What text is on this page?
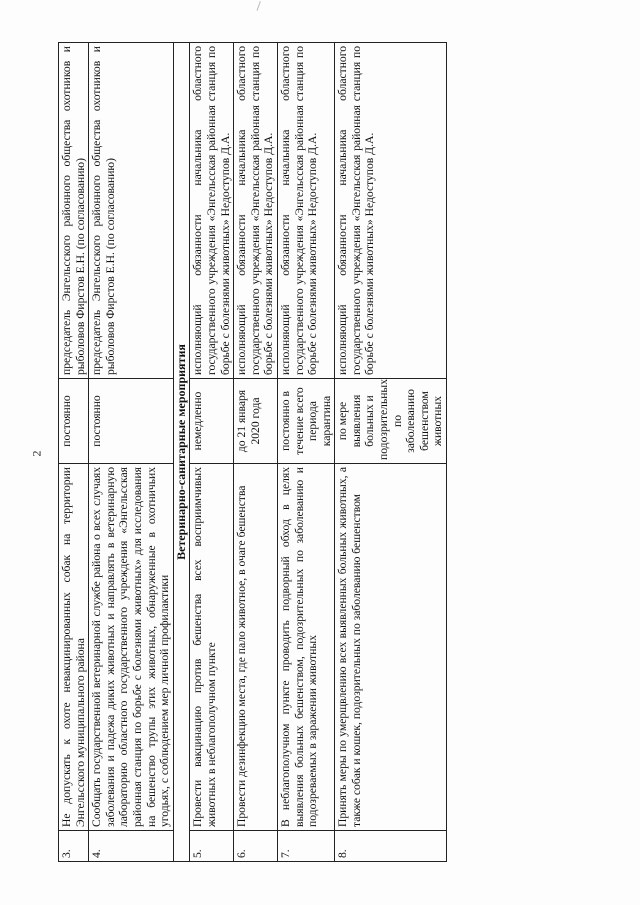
2
3.	Не допускать к охоте невакцинированных собак на территории Энгельсского муниципального района	постоянно	председатель Энгельсского районного общества охотников и рыболовов Фирстов Е.Н. (по согласованию)
4.	Сообщать государственной ветеринарной службе района о всех случаях заболевания и падежа диких животных и направлять в ветеринарную лабораторию областного государственного учреждения «Энгельсская районная станция по борьбе с болезнями животных» для исследования на бешенство трупы этих животных, обнаруженные в охотничьих угодьях, с соблюдением мер личной профилактики	постоянно	председатель Энгельсского районного общества охотников и рыболовов Фирстов Е.Н. (по согласованию)
Ветеринарно-санитарные мероприятия			
5.	Провести вакцинацию против бешенства всех восприимчивых животных в неблагополучном пункте	немедленно	исполняющий обязанности начальника областного государственного учреждения «Энгельсская районная станция по борьбе с болезнями животных» Недоступов Д.А.
6.	Провести дезинфекцию места, где пало животное, в очаге бешенства	до 21 января 2020 года	исполняющий обязанности начальника областного государственного учреждения «Энгельсская районная станция по борьбе с болезнями животных» Недоступов Д.А.
7.	В неблагополучном пункте проводить подворный обход в целях выявления больных бешенством, подозрительных по заболеванию и подозреваемых в заражении животных	постоянно в течение всего периода карантина	исполняющий обязанности начальника областного государственного учреждения «Энгельсская районная станция по борьбе с болезнями животных» Недоступов Д.А.
8.	Принять меры по умерщвлению всех выявленных больных животных, а также собак и кошек, подозрительных по заболеванию бешенством	по мере выявления больных и подозрительных по заболеванию бешенством животных	исполняющий обязанности начальника областного государственного учреждения «Энгельсская районная станция по борьбе с болезнями животных» Недоступов Д.А.
